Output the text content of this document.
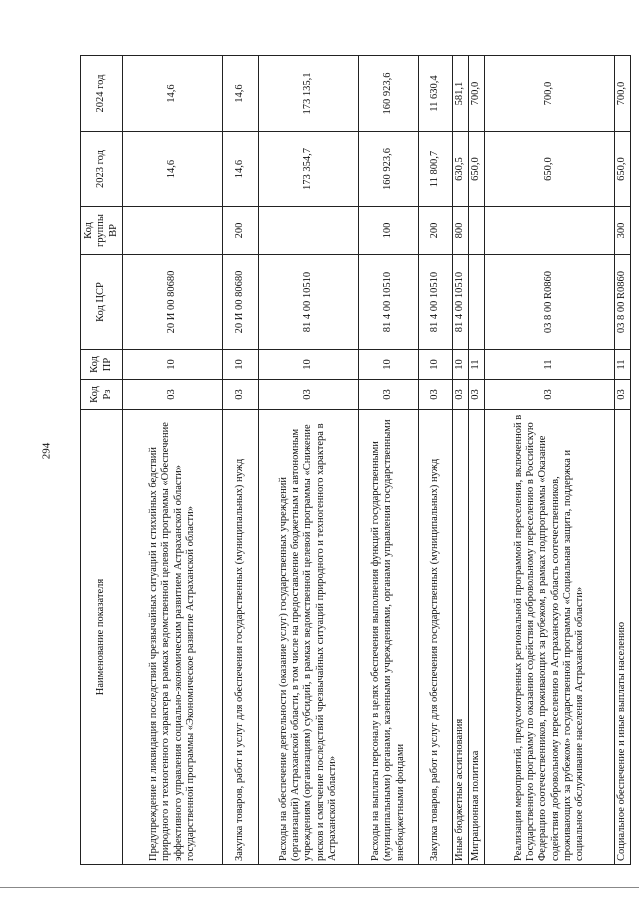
294
Наименование показателя	Код Рз	Код ПР	Код ЦСР	Код группы ВР	2023 год	2024 год
Предупреждение и ликвидация последствий чрезвычайных ситуаций и стихийных бедствий природного и техногенного характера в рамках ведомственной целевой программы «Обеспечение эффективного управления социально-экономическим развитием Астраханской области» государственной программы «Экономическое развитие Астраханской области»	03	10	20 И 00 80680		14,6	14,6
Закупка товаров, работ и услуг для обеспечения государственных (муниципальных) нужд	03	10	20 И 00 80680	200	14,6	14,6
Расходы на обеспечение деятельности (оказание услуг) государственных учреждений (организаций) Астраханской области, в том числе на предоставление бюджетным и автономным учреждениям (организациям) субсидий, в рамках ведомственной целевой программы «Снижение рисков и смягчение последствий чрезвычайных ситуаций природного и техногенного характера в Астраханской области»	03	10	81 4 00 10510		173 354,7	173 135,1
Расходы на выплаты персоналу в целях обеспечения выполнения функций государственными (муниципальными) органами, казенными учреждениями, органами управления государственными внебюджетными фондами	03	10	81 4 00 10510	100	160 923,6	160 923,6
Закупка товаров, работ и услуг для обеспечения государственных (муниципальных) нужд	03	10	81 4 00 10510	200	11 800,7	11 630,4
Иные бюджетные ассигнования	03	10	81 4 00 10510	800	630,5	581,1
Миграционная политика	03	11			650,0	700,0
Реализация мероприятий, предусмотренных региональной программой переселения, включенной в Государственную программу по оказанию содействия добровольному переселению в Российскую Федерацию соотечественников, проживающих за рубежом, в рамках подпрограммы «Оказание содействия добровольному переселению в Астраханскую область соотечественников, проживающих за рубежом» государственной программы «Социальная защита, поддержка и социальное обслуживание населения Астраханской области»	03	11	03 8 00 R0860		650,0	700,0
Социальное обеспечение и иные выплаты населению	03	11	03 8 00 R0860	300	650,0	700,0
